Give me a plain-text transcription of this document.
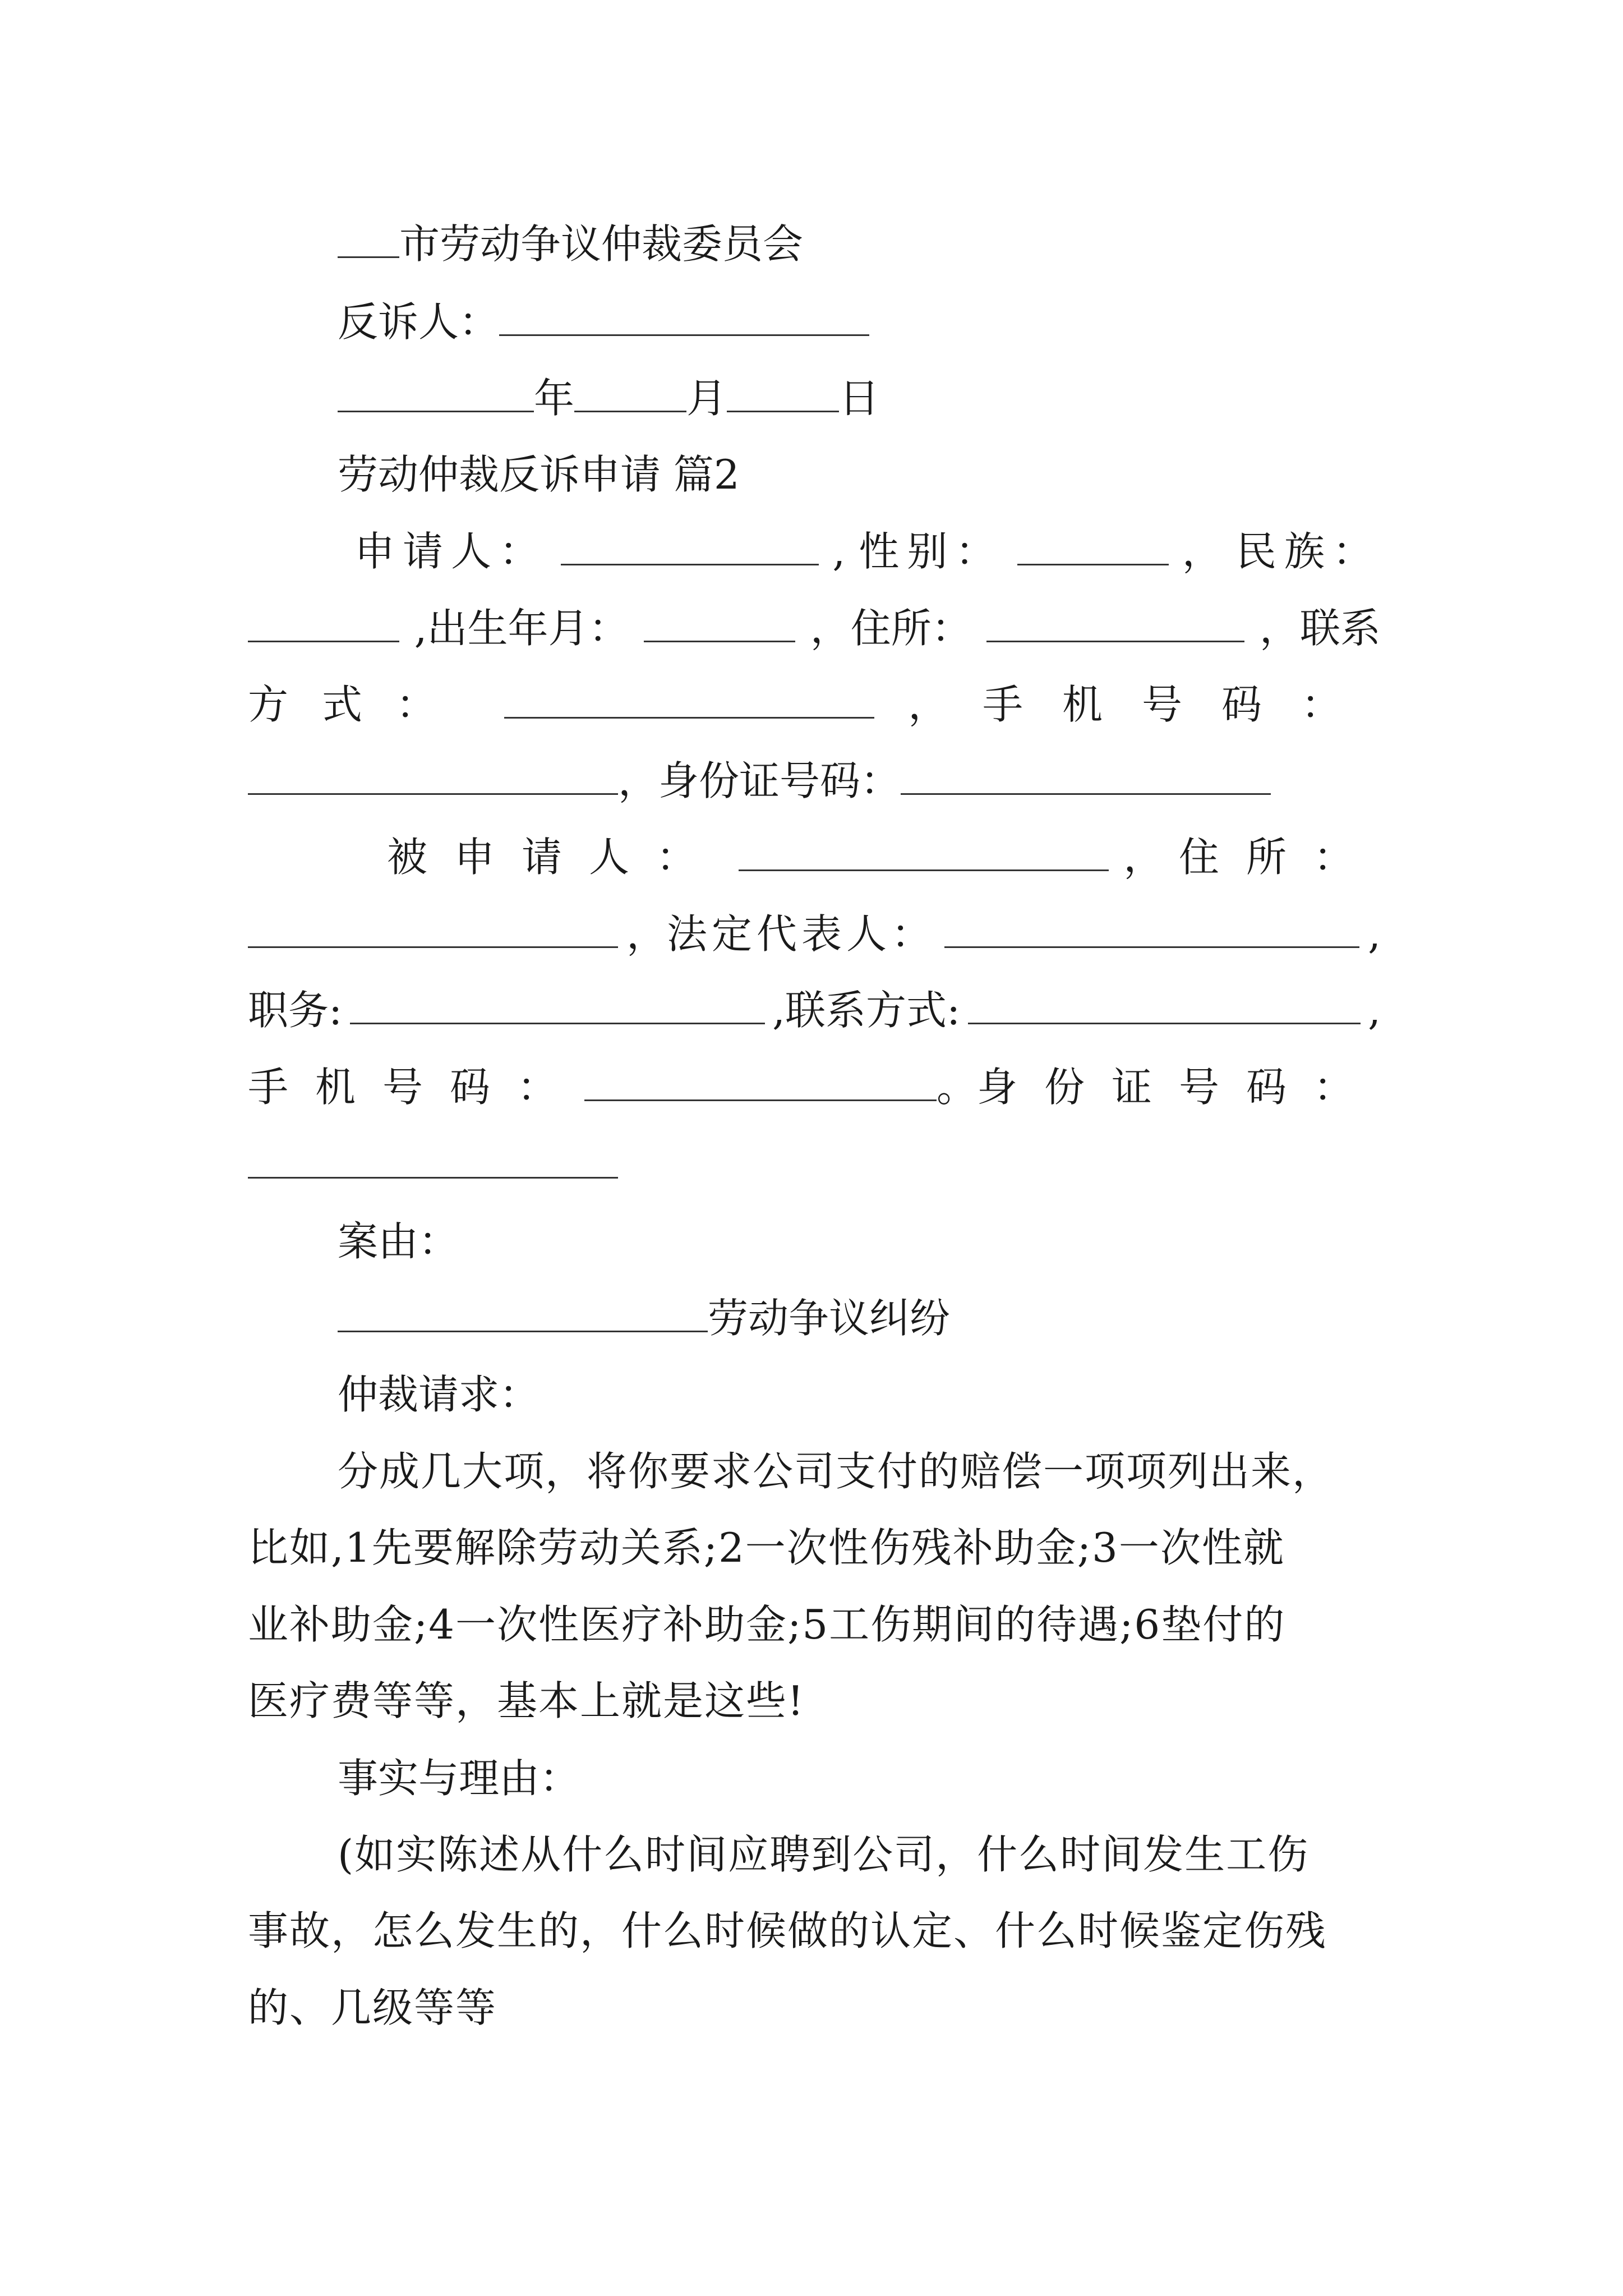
市劳动争议仲裁委员会
反诉人：
年	月	日
劳动仲裁反诉申请 篇2
申请人：	, 性别：	， 民族：
,出生年月：	，住所：	，联系
方式：	， 手机号码：
，身份证号码：
被申请人：	， 住所：
，法定代表人：	,
职务:	,联系方式:	,
手机号码：	。 身份证号码：
案由：
劳动争议纠纷
仲裁请求：
分成几大项，将你要求公司支付的赔偿一项项列出来，
比如,1先要解除劳动关系;2一次性伤残补助金;3一次性就
业补助金;4一次性医疗补助金;5工伤期间的待遇;6垫付的
医疗费等等，基本上就是这些!
事实与理由：
(如实陈述从什么时间应聘到公司，什么时间发生工伤
事故，怎么发生的，什么时候做的认定、什么时候鉴定伤残
的、几级等等
